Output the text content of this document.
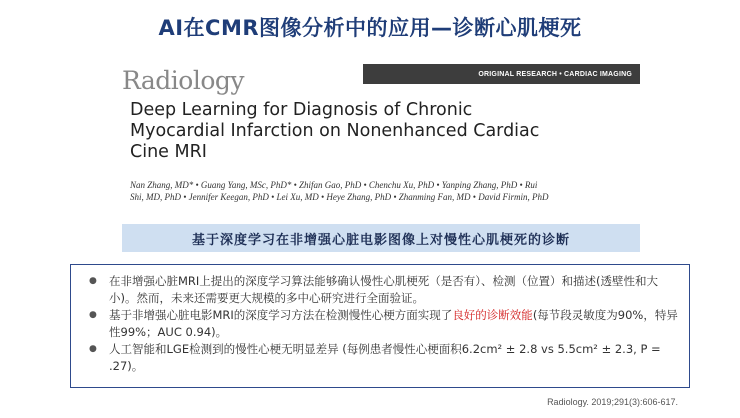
AI在CMR图像分析中的应用—诊断心肌梗死
Radiology	ORIGINAL RESEARCH • CARDIAC IMAGING
Deep Learning for Diagnosis of Chronic
Myocardial Infarction on Nonenhanced Cardiac
Cine MRI
Nan Zhang, MD* • Guang Yang, MSc, PhD* • Zhifan Gao, PhD • Chenchu Xu, PhD • Yanping Zhang, PhD • Rui
Shi, MD, PhD • Jennifer Keegan, PhD • Lei Xu, MD • Heye Zhang, PhD • Zhanming Fan, MD • David Firmin, PhD
基于深度学习在非增强心脏电影图像上对慢性心肌梗死的诊断
● 在非增强心脏MRI上提出的深度学习算法能够确认慢性心肌梗死（是否有）、检测（位置）和描述(透壁性和大小)。然而，未来还需要更大规模的多中心研究进行全面验证。
● 基于非增强心脏电影MRI的深度学习方法在检测慢性心梗方面实现了良好的诊断效能(每节段灵敏度为90%，特异性99%；AUC 0.94)。
● 人工智能和LGE检测到的慢性心梗无明显差异 (每例患者慢性心梗面积6.2cm² ± 2.8 vs 5.5cm² ± 2.3, P = .27)。
Radiology. 2019;291(3):606-617.
